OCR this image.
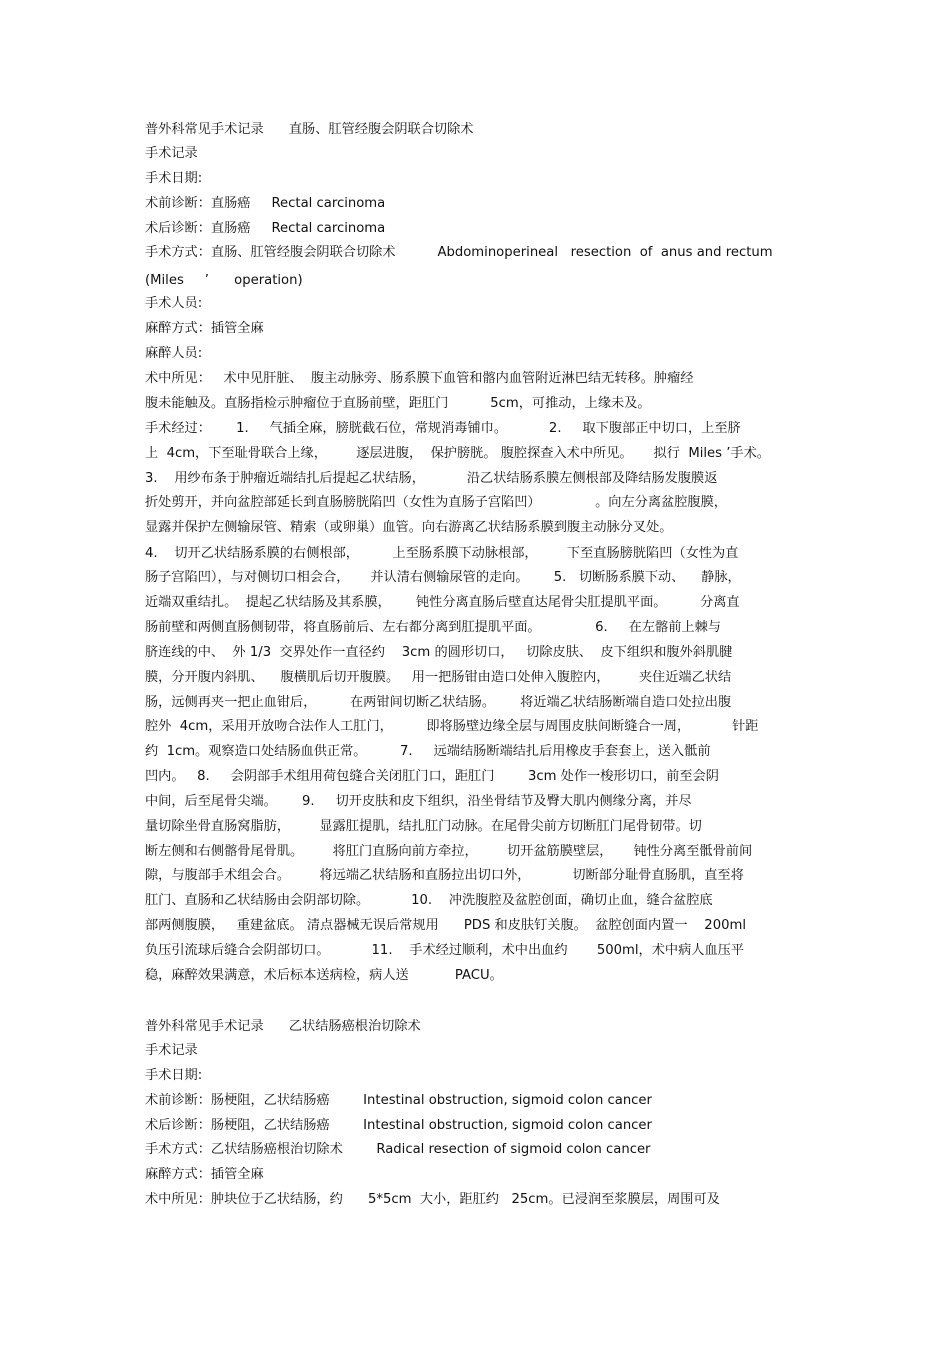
普外科常见手术记录      直肠、肛管经腹会阴联合切除术
手术记录
手术日期:
术前诊断：直肠癌     Rectal carcinoma
术后诊断：直肠癌     Rectal carcinoma
手术方式：直肠、肛管经腹会阴联合切除术          Abdominoperineal   resection  of  anus and rectum
(Miles     ’      operation)
手术人员:
麻醉方式：插管全麻
麻醉人员:
术中所见：   术中见肝脏、  腹主动脉旁、肠系膜下血管和髂内血管附近淋巴结无转移。肿瘤经
腹未能触及。直肠指检示肿瘤位于直肠前壁，距肛门          5cm，可推动，上缘未及。
手术经过：      1.     气插全麻，膀胱截石位，常规消毒铺巾。          2.     取下腹部正中切口，上至脐
上  4cm，下至耻骨联合上缘，       逐层进腹，  保护膀胱。 腹腔探查入术中所见。     拟行  Miles ’手术。
3.    用纱布条于肿瘤近端结扎后提起乙状结肠，          沿乙状结肠系膜左侧根部及降结肠发腹膜返
折处剪开，并向盆腔部延长到直肠膀胱陷凹（女性为直肠子宫陷凹）             。向左分离盆腔腹膜，
显露并保护左侧输尿管、精索（或卵巢）血管。向右游离乙状结肠系膜到腹主动脉分叉处。
4.    切开乙状结肠系膜的右侧根部，        上至肠系膜下动脉根部，       下至直肠膀胱陷凹（女性为直
肠子宫陷凹），与对侧切口相会合，     并认清右侧输尿管的走向。      5.   切断肠系膜下动、    静脉，
近端双重结扎。  提起乙状结肠及其系膜，      钝性分离直肠后壁直达尾骨尖肛提肌平面。        分离直
肠前壁和两侧直肠侧韧带，将直肠前后、左右都分离到肛提肌平面。             6.     在左髂前上棘与
脐连线的中、  外 1/3  交界处作一直径约    3cm 的圆形切口，   切除皮肤、  皮下组织和腹外斜肌腱
膜，分开腹内斜肌、    腹横肌后切开腹膜。   用一把肠钳由造口处伸入腹腔内，       夹住近端乙状结
肠，远侧再夹一把止血钳后，        在两钳间切断乙状结肠。      将近端乙状结肠断端自造口处拉出腹
腔外  4cm，采用开放吻合法作人工肛门，        即将肠壁边缘全层与周围皮肤间断缝合一周，          针距
约  1cm。观察造口处结肠血供正常。        7.     远端结肠断端结扎后用橡皮手套套上，送入骶前
凹内。   8.     会阴部手术组用荷包缝合关闭肛门口，距肛门        3cm 处作一梭形切口，前至会阴
中间，后至尾骨尖端。      9.     切开皮肤和皮下组织，沿坐骨结节及臀大肌内侧缘分离，并尽
量切除坐骨直肠窝脂肪，       显露肛提肌，结扎肛门动脉。在尾骨尖前方切断肛门尾骨韧带。切
断左侧和右侧髂骨尾骨肌。       将肛门直肠向前方牵拉，       切开盆筋膜壁层，     钝性分离至骶骨前间
隙，与腹部手术组会合。       将远端乙状结肠和直肠拉出切口外，          切断部分耻骨直肠肌，直至将
肛门、直肠和乙状结肠由会阴部切除。          10.    冲洗腹腔及盆腔创面，确切止血，缝合盆腔底
部两侧腹膜，   重建盆底。 清点器械无误后常规用      PDS 和皮肤钉关腹。  盆腔创面内置一    200ml
负压引流球后缝合会阴部切口。          11.    手术经过顺利，术中出血约       500ml，术中病人血压平
稳，麻醉效果满意，术后标本送病检，病人送           PACU。
普外科常见手术记录      乙状结肠癌根治切除术
手术记录
手术日期:
术前诊断：肠梗阻，乙状结肠癌        Intestinal obstruction, sigmoid colon cancer
术后诊断：肠梗阻，乙状结肠癌        Intestinal obstruction, sigmoid colon cancer
手术方式：乙状结肠癌根治切除术        Radical resection of sigmoid colon cancer
麻醉方式：插管全麻
术中所见：肿块位于乙状结肠，约      5*5cm  大小，距肛约   25cm。已浸润至浆膜层，周围可及
